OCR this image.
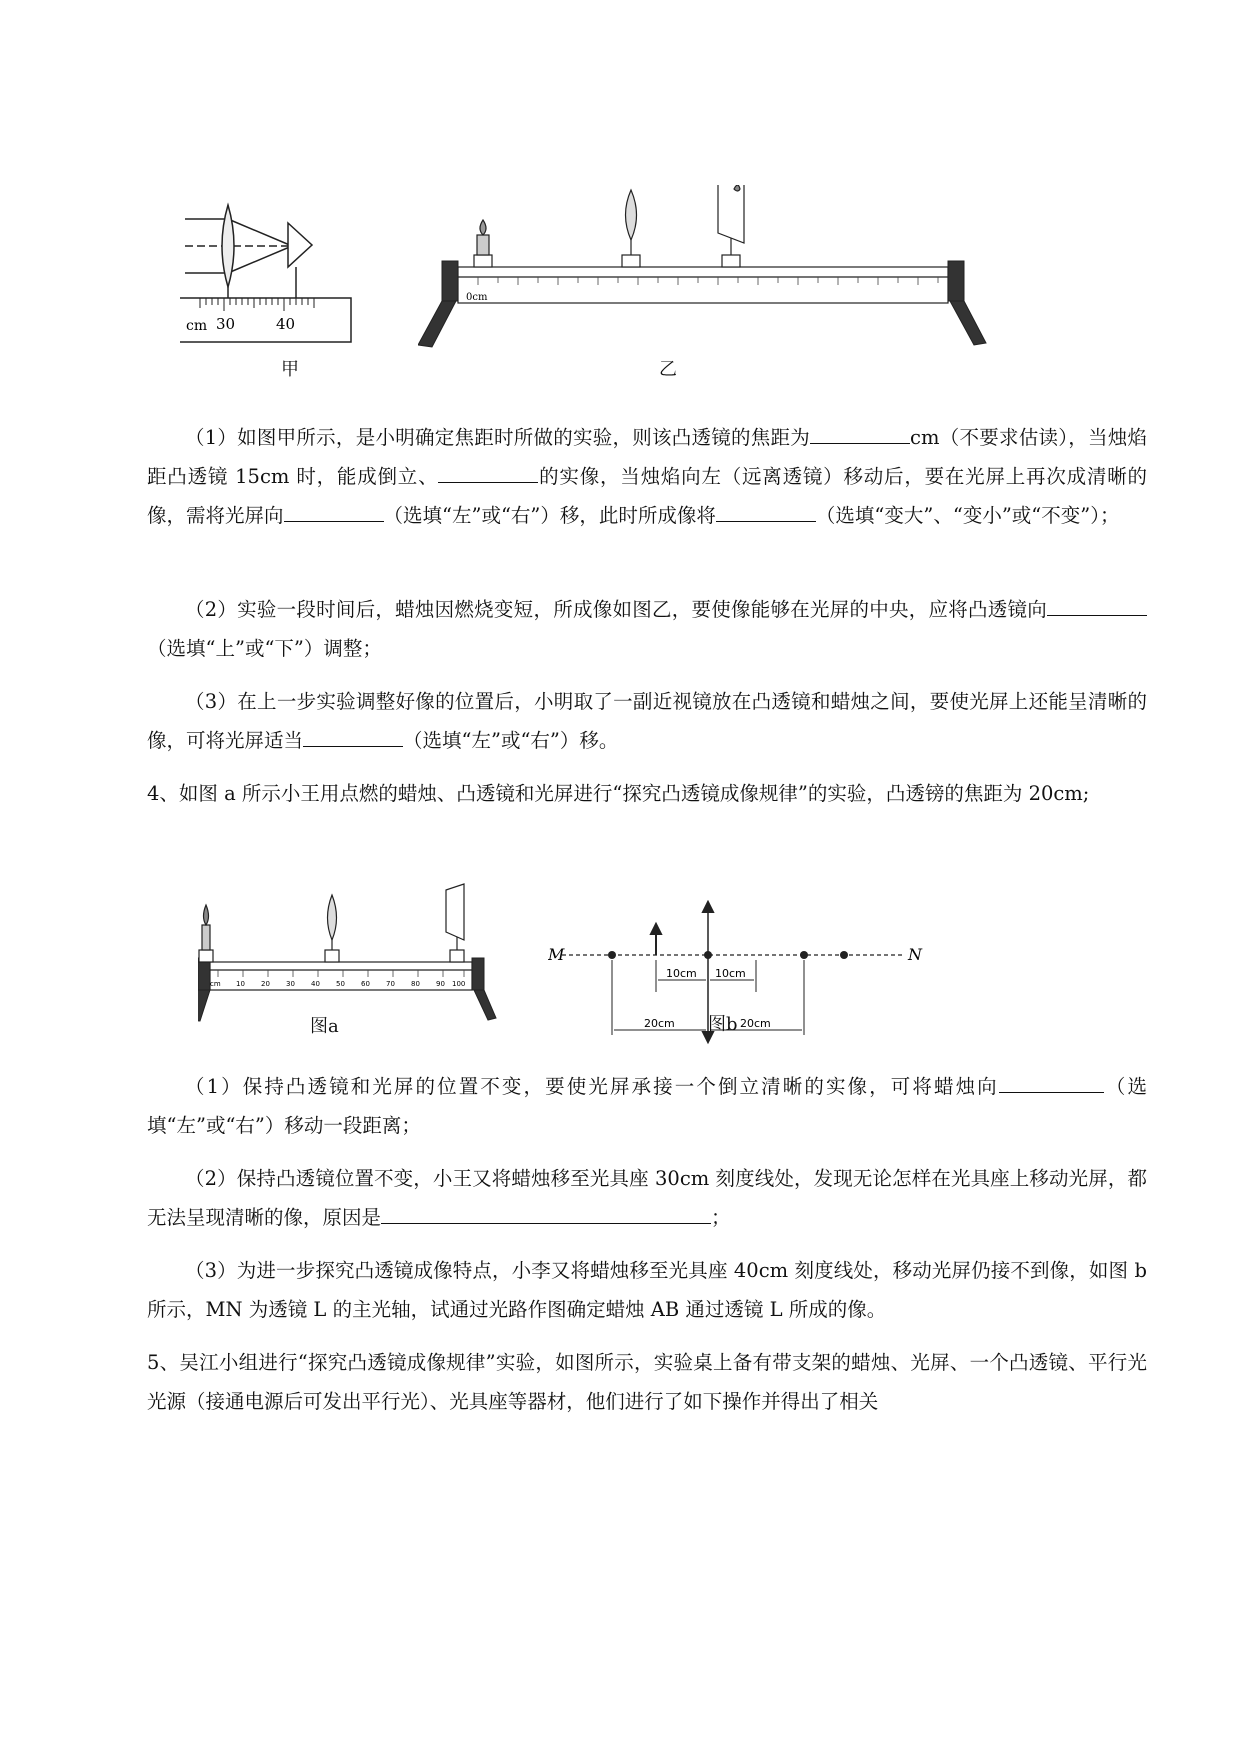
cm 30	40
甲
0cm
乙
（1）如图甲所示，是小明确定焦距时所做的实验，则该凸透镜的焦距为	cm（不要求估读），当烛焰距凸透镜 15cm 时，能成倒立、	的实像，当烛焰向左（远离透镜）移动后，要在光屏上再次成清晰的像，需将光屏向	（选填“左”或“右”）移，此时所成像将	（选填“变大”、“变小”或“不变”）；
（2）实验一段时间后，蜡烛因燃烧变短，所成像如图乙，要使像能够在光屏的中央，应将凸透镜向（选填“上”或“下”）调整；
（3）在上一步实验调整好像的位置后，小明取了一副近视镜放在凸透镜和蜡烛之间，要使光屏上还能呈清晰的像，可将光屏适当	（选填“左”或“右”）移。
4、如图 a 所示小王用点燃的蜡烛、凸透镜和光屏进行“探究凸透镜成像规律”的实验，凸透镑的焦距为 20cm;
cm 10 20 30 40 50 60 70 80 90 100
图a
M	N
10cm 10cm
20cm	20cm
图b
（1）保持凸透镜和光屏的位置不变，要使光屏承接一个倒立清晰的实像，可将蜡烛向	（选填“左”或“右”）移动一段距离；
（2）保持凸透镜位置不变，小王又将蜡烛移至光具座 30cm 刻度线处，发现无论怎样在光具座上移动光屏，都无法呈现清晰的像，原因是	；
（3）为进一步探究凸透镜成像特点，小李又将蜡烛移至光具座 40cm 刻度线处，移动光屏仍接不到像，如图 b 所示，MN 为透镜 L 的主光轴，试通过光路作图确定蜡烛 AB 通过透镜 L 所成的像。
5、吴江小组进行“探究凸透镜成像规律”实验，如图所示，实验桌上备有带支架的蜡烛、光屏、一个凸透镜、平行光光源（接通电源后可发出平行光）、光具座等器材，他们进行了如下操作并得出了相关
